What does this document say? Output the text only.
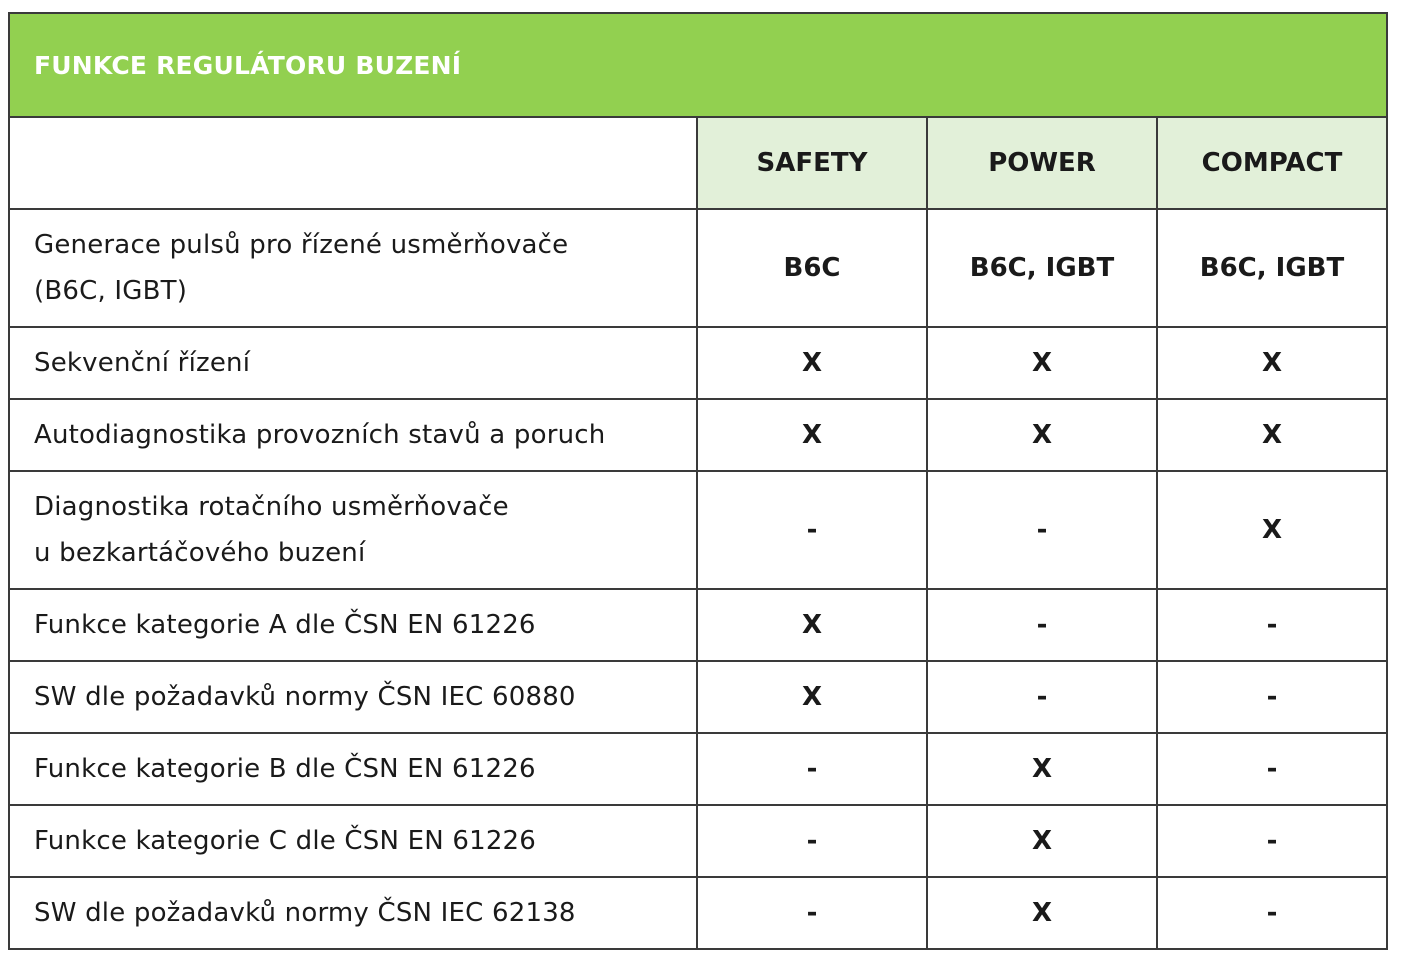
FUNKCE REGULÁTORU BUZENÍ			
	SAFETY	POWER	COMPACT
Generace pulsů pro řízené usměrňovače
(B6C, IGBT)	B6C	B6C, IGBT	B6C, IGBT
Sekvenční řízení	X	X	X
Autodiagnostika provozních stavů a poruch	X	X	X
Diagnostika rotačního usměrňovače
u bezkartáčového buzení	-	-	X
Funkce kategorie A dle ČSN EN 61226	X	-	-
SW dle požadavků normy ČSN IEC 60880	X	-	-
Funkce kategorie B dle ČSN EN 61226	-	X	-
Funkce kategorie C dle ČSN EN 61226	-	X	-
SW dle požadavků normy ČSN IEC 62138	-	X	-
